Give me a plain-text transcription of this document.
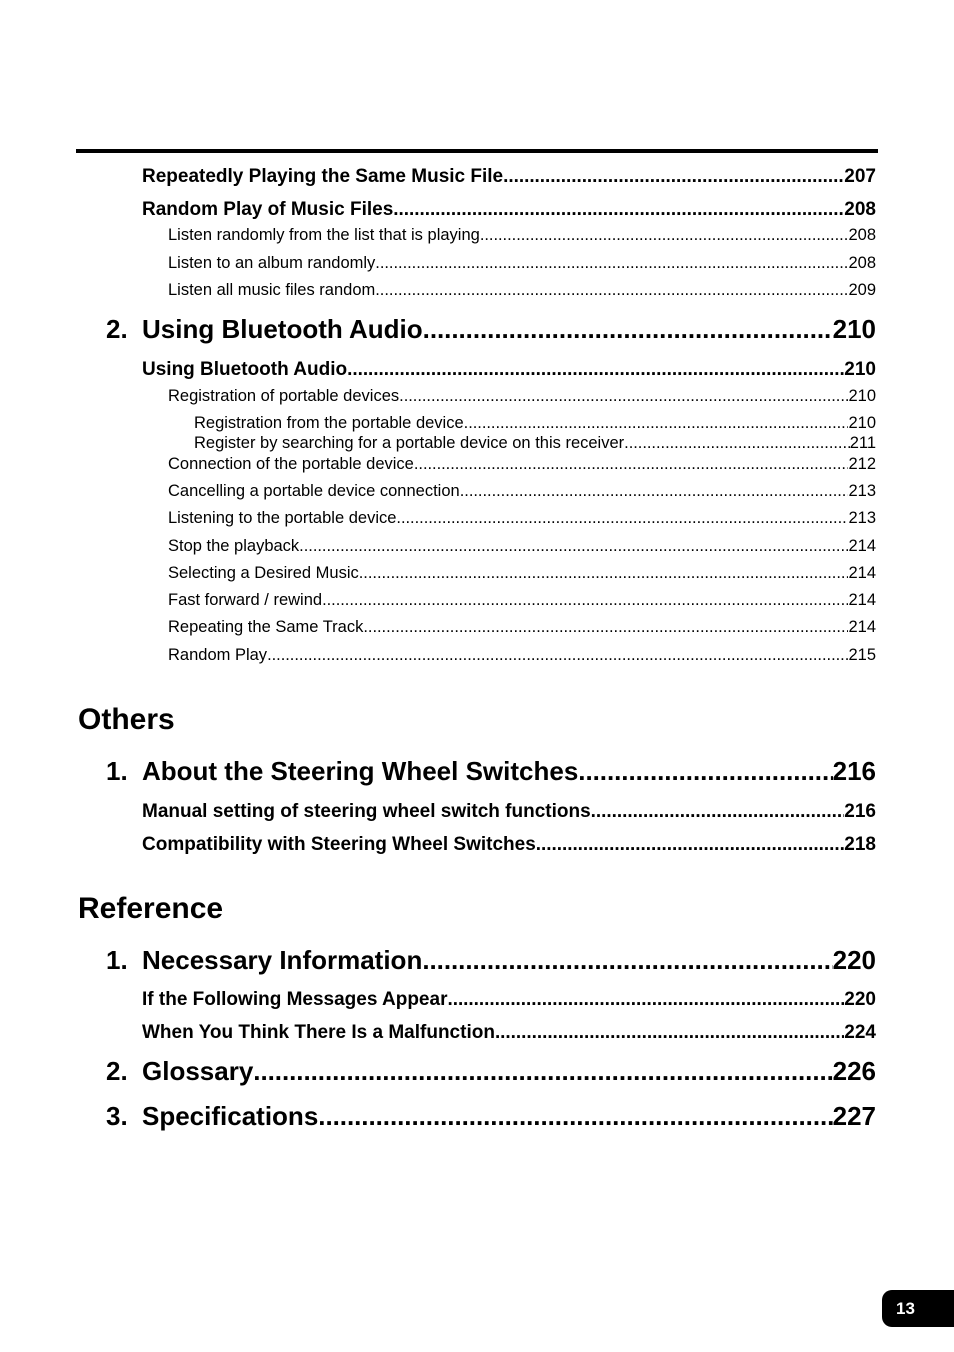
Repeatedly Playing the Same Music File . . .	207
Random Play of Music Files . . .	208
Listen randomly from the list that is playing . . .	208
Listen to an album randomly . . .	208
Listen all music files random . . .	209
2. Using Bluetooth Audio . . .	210
Using Bluetooth Audio . . .	210
Registration of portable devices . . .	210
Registration from the portable device . . .	210
Register by searching for a portable device on this receiver . . .	211
Connection of the portable device . . .	212
Cancelling a portable device connection. . . .	213
Listening to the portable device . . .	213
Stop the playback . . .	214
Selecting a Desired Music . . .	214
Fast forward / rewind . . .	214
Repeating the Same Track . . .	214
Random Play . . .	215
Others
1. About the Steering Wheel Switches . . .	216
Manual setting of steering wheel switch functions . . .	216
Compatibility with Steering Wheel Switches . . .	218
Reference
1. Necessary Information . . .	220
If the Following Messages Appear . . .	220
When You Think There Is a Malfunction . . .	224
2. Glossary . . .	226
3. Specifications . . .	227
13
